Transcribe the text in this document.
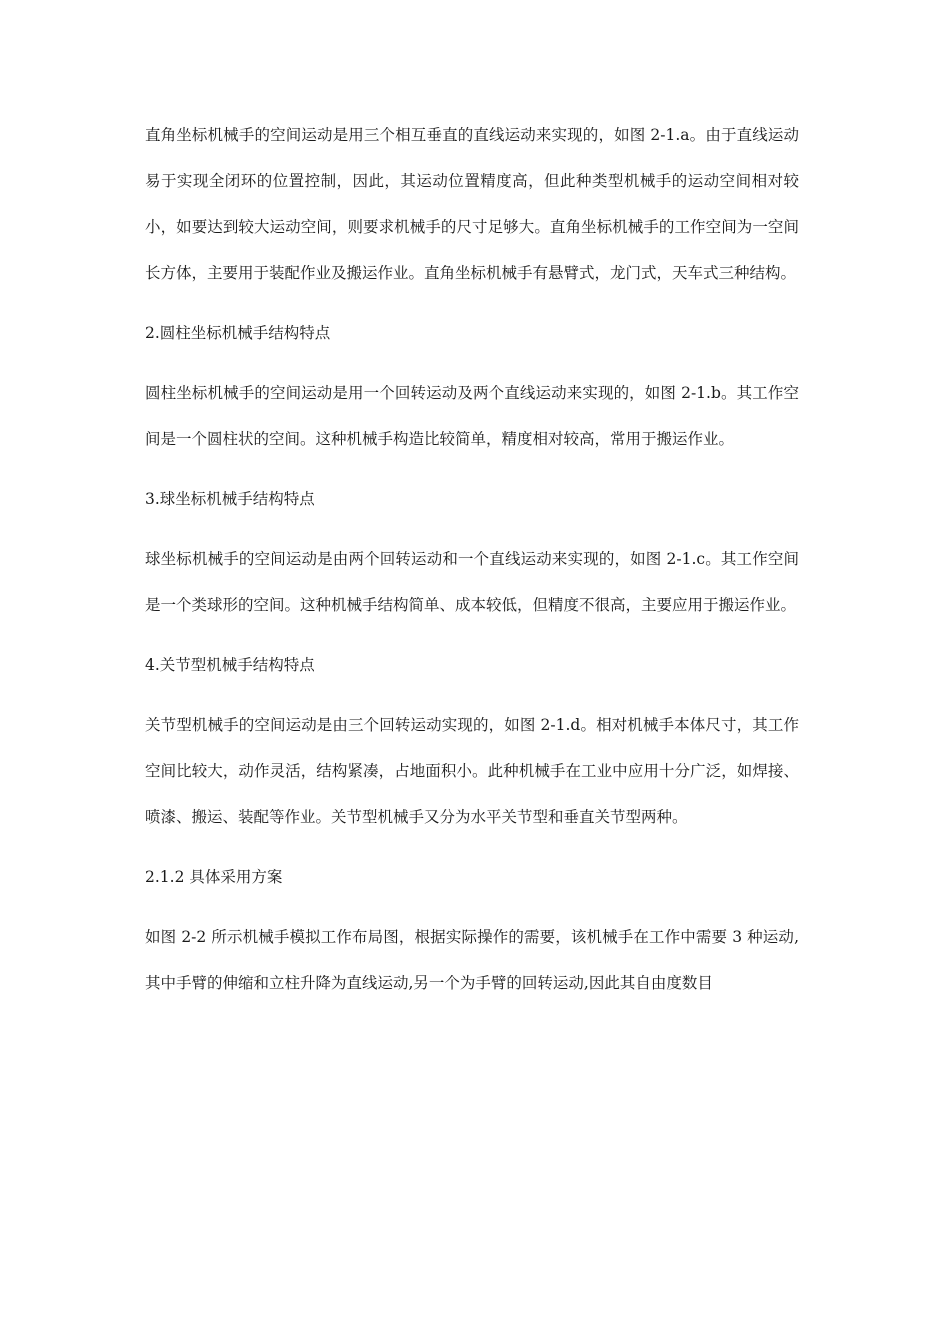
直角坐标机械手的空间运动是用三个相互垂直的直线运动来实现的，如图 2-1.a。由于直线运动易于实现全闭环的位置控制，因此，其运动位置精度高，但此种类型机械手的运动空间相对较小，如要达到较大运动空间，则要求机械手的尺寸足够大。直角坐标机械手的工作空间为一空间长方体，主要用于装配作业及搬运作业。直角坐标机械手有悬臂式，龙门式，天车式三种结构。

2.圆柱坐标机械手结构特点

圆柱坐标机械手的空间运动是用一个回转运动及两个直线运动来实现的，如图 2-1.b。其工作空间是一个圆柱状的空间。这种机械手构造比较简单，精度相对较高，常用于搬运作业。

3.球坐标机械手结构特点

球坐标机械手的空间运动是由两个回转运动和一个直线运动来实现的，如图 2-1.c。其工作空间是一个类球形的空间。这种机械手结构简单、成本较低，但精度不很高，主要应用于搬运作业。

4.关节型机械手结构特点

关节型机械手的空间运动是由三个回转运动实现的，如图 2-1.d。相对机械手本体尺寸，其工作空间比较大，动作灵活，结构紧凑，占地面积小。此种机械手在工业中应用十分广泛，如焊接、喷漆、搬运、装配等作业。关节型机械手又分为水平关节型和垂直关节型两种。

2.1.2 具体采用方案

如图 2-2 所示机械手模拟工作布局图，根据实际操作的需要，该机械手在工作中需要 3 种运动,其中手臂的伸缩和立柱升降为直线运动,另一个为手臂的回转运动,因此其自由度数目
